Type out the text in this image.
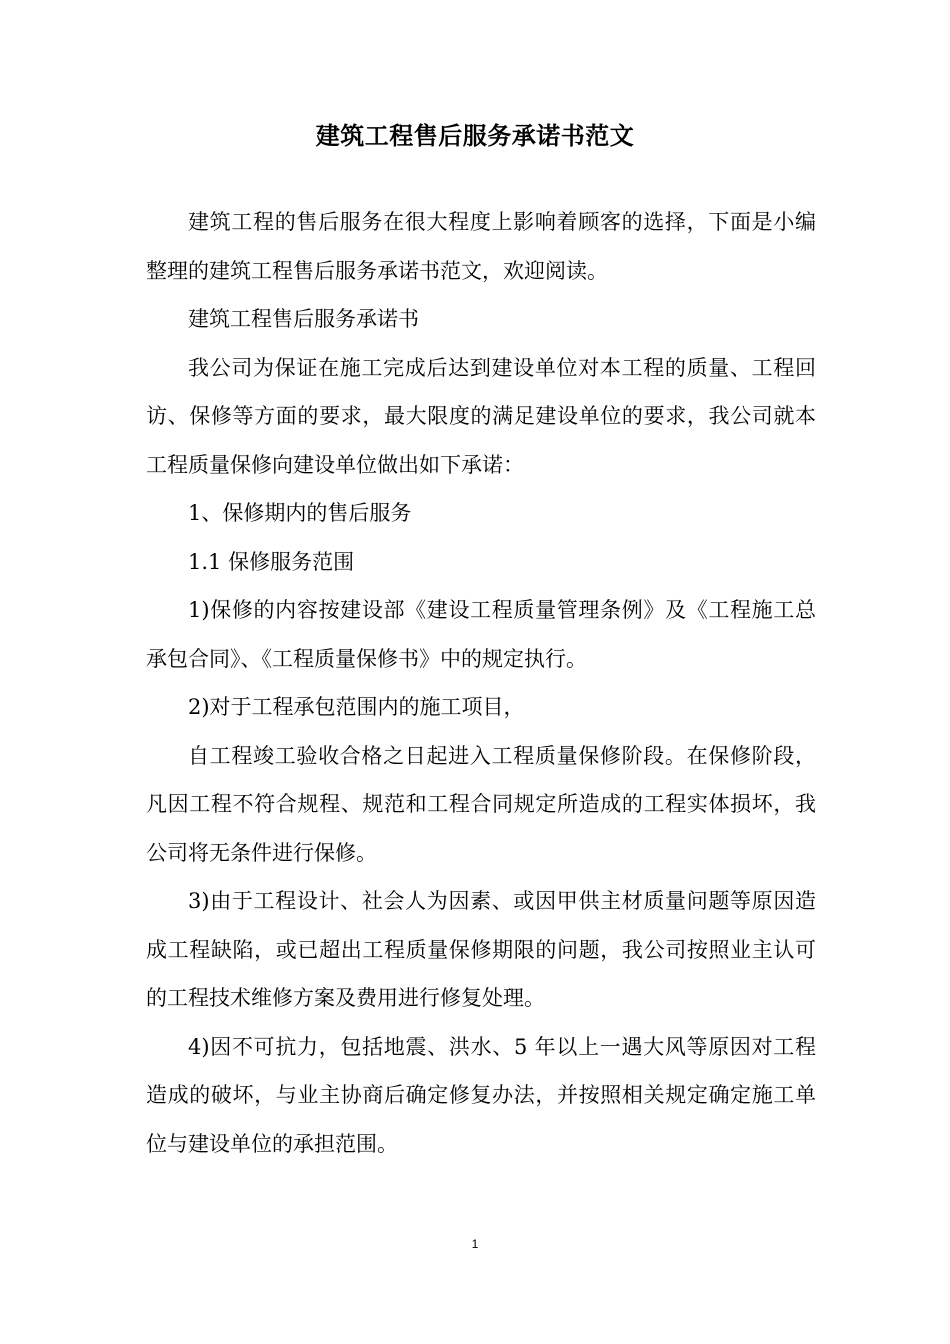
建筑工程售后服务承诺书范文

建筑工程的售后服务在很大程度上影响着顾客的选择，下面是小编整理的建筑工程售后服务承诺书范文，欢迎阅读。

建筑工程售后服务承诺书

我公司为保证在施工完成后达到建设单位对本工程的质量、工程回访、保修等方面的要求，最大限度的满足建设单位的要求，我公司就本工程质量保修向建设单位做出如下承诺：

1、保修期内的售后服务

1.1 保修服务范围

1)保修的内容按建设部《建设工程质量管理条例》及《工程施工总承包合同》、《工程质量保修书》中的规定执行。

2)对于工程承包范围内的施工项目，

自工程竣工验收合格之日起进入工程质量保修阶段。在保修阶段，凡因工程不符合规程、规范和工程合同规定所造成的工程实体损坏，我公司将无条件进行保修。

3)由于工程设计、社会人为因素、或因甲供主材质量问题等原因造成工程缺陷，或已超出工程质量保修期限的问题，我公司按照业主认可的工程技术维修方案及费用进行修复处理。

4)因不可抗力，包括地震、洪水、5 年以上一遇大风等原因对工程造成的破坏，与业主协商后确定修复办法，并按照相关规定确定施工单位与建设单位的承担范围。

1
